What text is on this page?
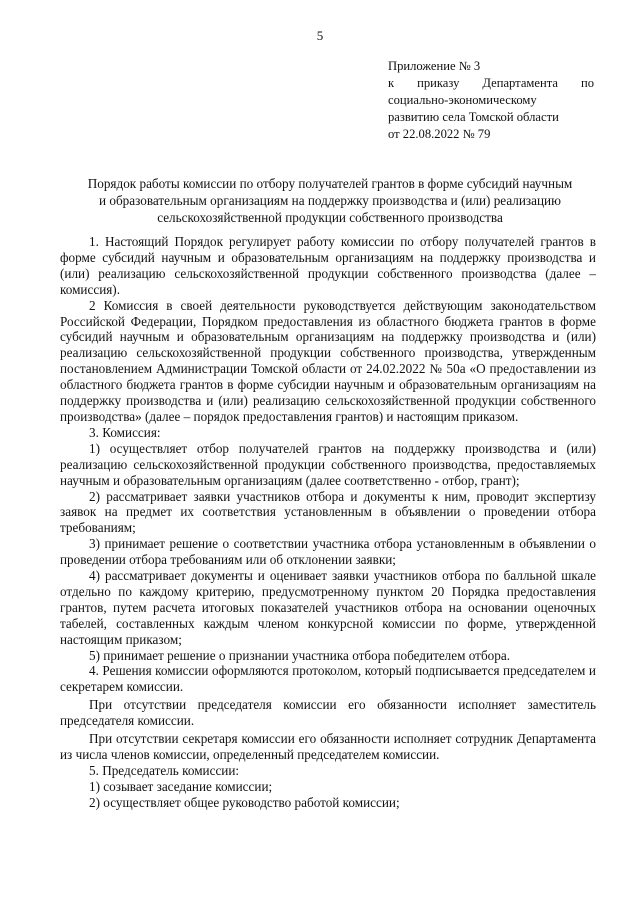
5
Приложение № 3
к приказу Департамента по
социально-экономическому
развитию села Томской области
от 22.08.2022 № 79
Порядок работы комиссии по отбору получателей грантов в форме субсидий научным
и образовательным организациям на поддержку производства и (или) реализацию
сельскохозяйственной продукции собственного производства

1. Настоящий Порядок регулирует работу комиссии по отбору получателей грантов в форме субсидий научным и образовательным организациям на поддержку производства и (или) реализацию сельскохозяйственной продукции собственного производства (далее – комиссия).

2 Комиссия в своей деятельности руководствуется действующим законодательством Российской Федерации, Порядком предоставления из областного бюджета грантов в форме субсидий научным и образовательным организациям на поддержку производства и (или) реализацию сельскохозяйственной продукции собственного производства, утвержденным постановлением Администрации Томской области от 24.02.2022 № 50а «О предоставлении из областного бюджета грантов в форме субсидии научным и образовательным организациям на поддержку производства и (или) реализацию сельскохозяйственной продукции собственного производства» (далее – порядок предоставления грантов) и настоящим приказом.

3. Комиссия:

1) осуществляет отбор получателей грантов на поддержку производства и (или) реализацию сельскохозяйственной продукции собственного производства, предоставляемых научным и образовательным организациям (далее соответственно - отбор, грант);

2) рассматривает заявки участников отбора и документы к ним, проводит экспертизу заявок на предмет их соответствия установленным в объявлении о проведении отбора требованиям;

3) принимает решение о соответствии участника отбора установленным в объявлении о проведении отбора требованиям или об отклонении заявки;

4) рассматривает документы и оценивает заявки участников отбора по балльной шкале отдельно по каждому критерию, предусмотренному пунктом 20 Порядка предоставления грантов, путем расчета итоговых показателей участников отбора на основании оценочных табелей, составленных каждым членом конкурсной комиссии по форме, утвержденной настоящим приказом;

5) принимает решение о признании участника отбора победителем отбора.

4. Решения комиссии оформляются протоколом, который подписывается председателем и секретарем комиссии.

При отсутствии председателя комиссии его обязанности исполняет заместитель председателя комиссии.

При отсутствии секретаря комиссии его обязанности исполняет сотрудник Департамента из числа членов комиссии, определенный председателем комиссии.

5. Председатель комиссии:

1) созывает заседание комиссии;

2) осуществляет общее руководство работой комиссии;
